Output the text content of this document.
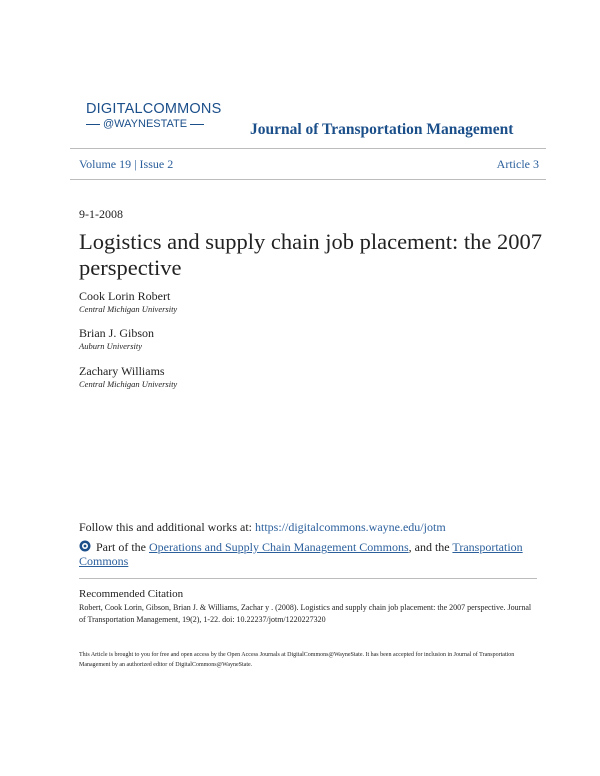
DIGITALCOMMONS
@WAYNESTATE	Journal of Transportation Management
Volume 19 | Issue 2	Article 3
9-1-2008
Logistics and supply chain job placement: the 2007 perspective
Cook Lorin Robert
Central Michigan University
Brian J. Gibson
Auburn University
Zachary Williams
Central Michigan University
Follow this and additional works at: https://digitalcommons.wayne.edu/jotm
Part of the Operations and Supply Chain Management Commons, and the Transportation Commons
Recommended Citation
Robert, Cook Lorin, Gibson, Brian J. & Williams, Zachar y . (2008). Logistics and supply chain job placement: the 2007 perspective. Journal of Transportation Management, 19(2), 1-22. doi: 10.22237/jotm/1220227320
This Article is brought to you for free and open access by the Open Access Journals at DigitalCommons@WayneState. It has been accepted for inclusion in Journal of Transportation Management by an authorized editor of DigitalCommons@WayneState.
